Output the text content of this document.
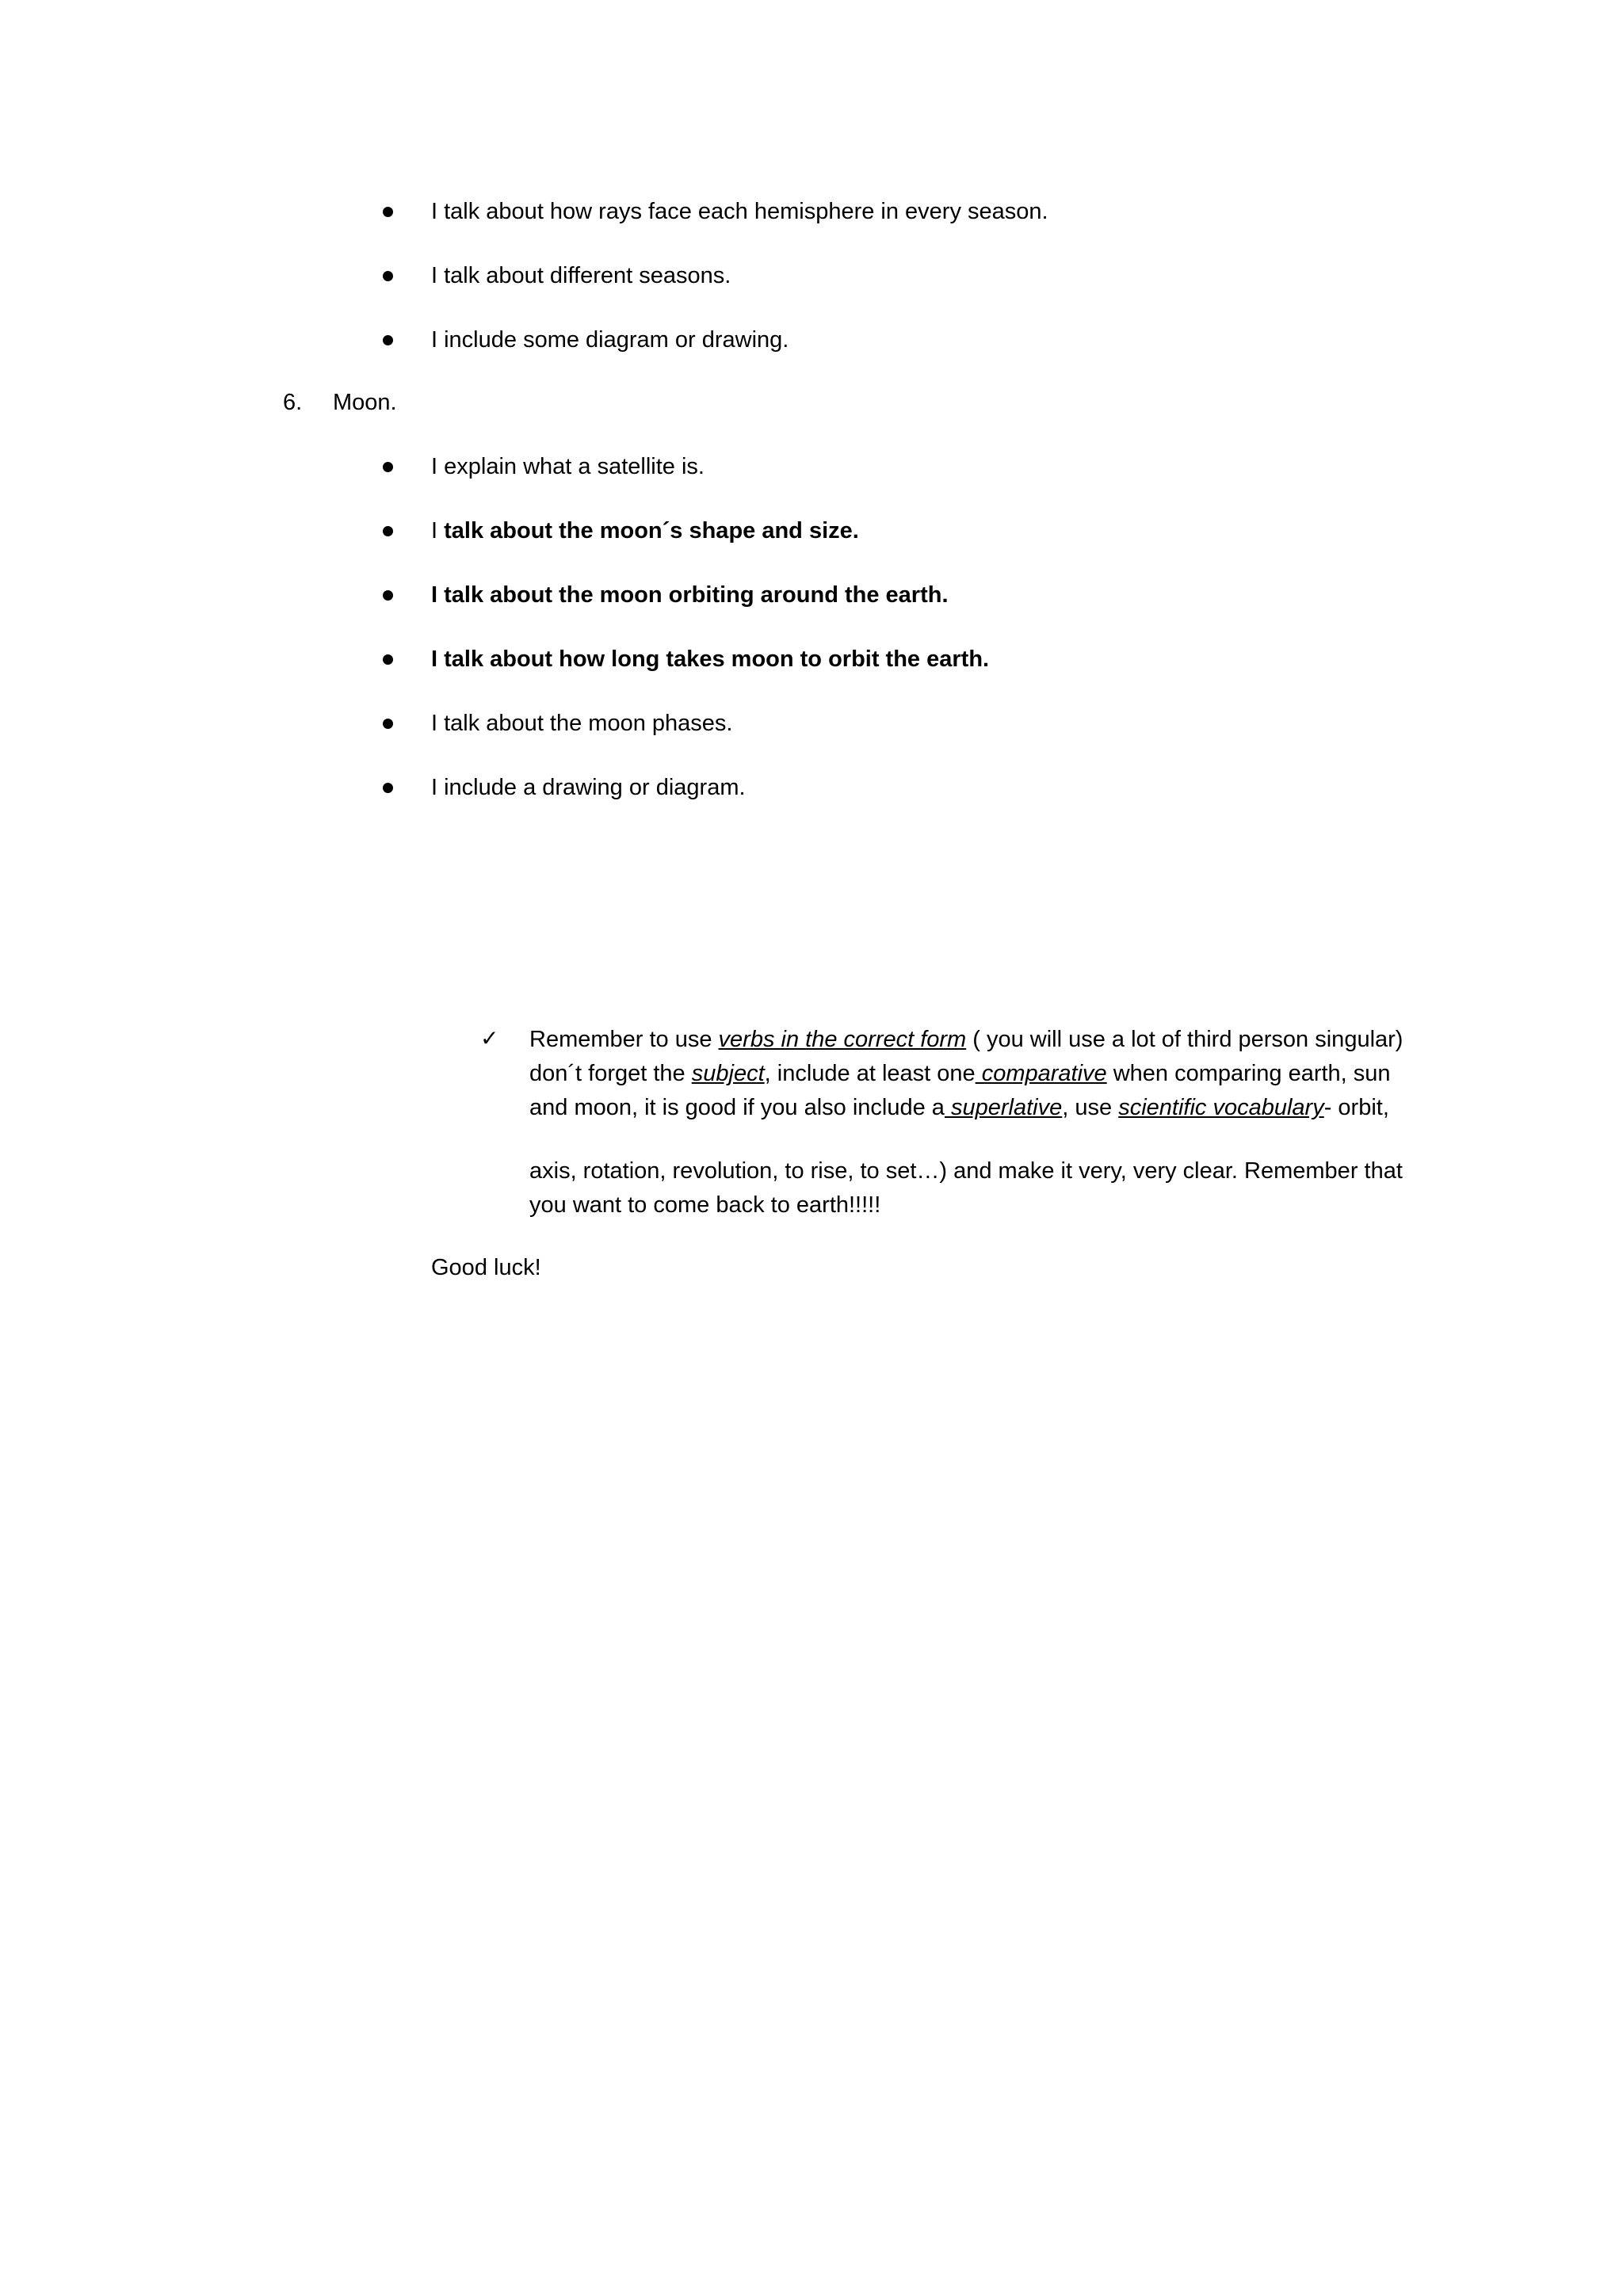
I talk about how rays face each hemisphere in every season.
I talk about different seasons.
I include some diagram or drawing.
6. Moon.
I explain what a satellite is.
I talk about the moon´s shape and size.
I talk about the moon orbiting around the earth.
I talk about how long takes moon to orbit the earth.
I talk about the moon phases.
I include a drawing or diagram.
✓ Remember to use verbs in the correct form ( you will use a lot of third person singular)
don´t forget the subject, include at least one comparative when comparing earth, sun
and moon, it is good if you also include a superlative, use scientific vocabulary- orbit,
axis, rotation, revolution, to rise, to set…) and make it very, very clear. Remember that
you want to come back to earth!!!!!
Good luck!
